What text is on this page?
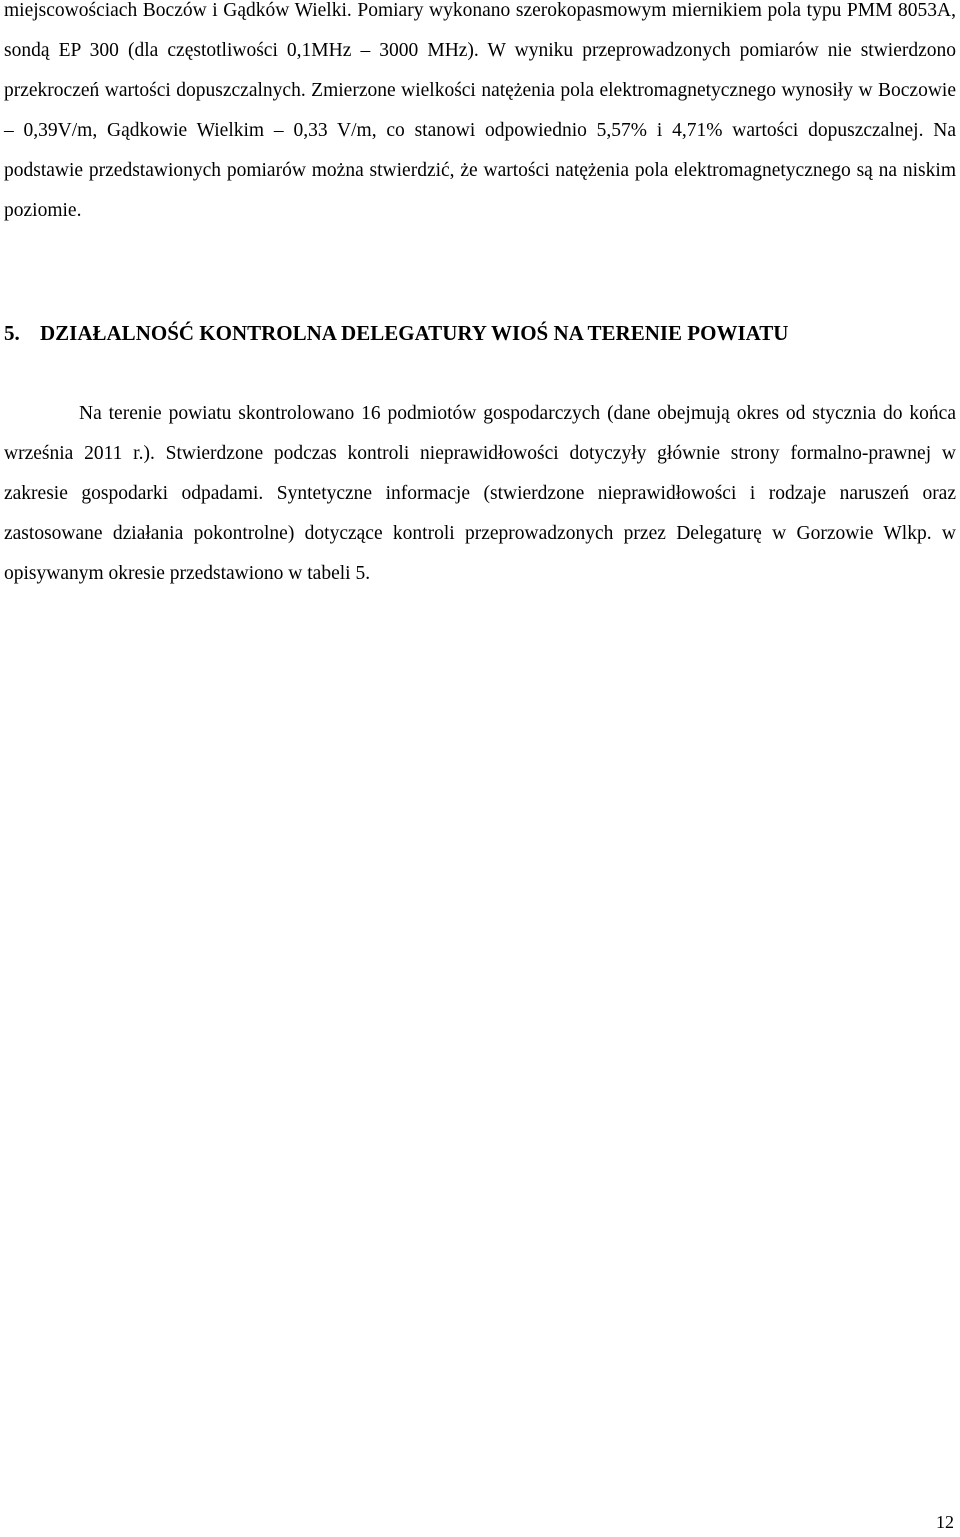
miejscowościach Boczów i Gądków Wielki. Pomiary wykonano szerokopasmowym miernikiem pola typu PMM 8053A, sondą EP 300 (dla częstotliwości 0,1MHz – 3000 MHz). W wyniku przeprowadzonych pomiarów nie stwierdzono przekroczeń wartości dopuszczalnych. Zmierzone wielkości natężenia pola elektromagnetycznego wynosiły w Boczowie – 0,39V/m, Gądkowie Wielkim – 0,33 V/m, co stanowi odpowiednio 5,57% i 4,71% wartości dopuszczalnej. Na podstawie przedstawionych pomiarów można stwierdzić, że wartości natężenia pola elektromagnetycznego są na niskim poziomie.

5. DZIAŁALNOŚĆ KONTROLNA DELEGATURY WIOŚ NA TERENIE POWIATU

Na terenie powiatu skontrolowano 16 podmiotów gospodarczych (dane obejmują okres od stycznia do końca września 2011 r.). Stwierdzone podczas kontroli nieprawidłowości dotyczyły głównie strony formalno-prawnej w zakresie gospodarki odpadami. Syntetyczne informacje (stwierdzone nieprawidłowości i rodzaje naruszeń oraz zastosowane działania pokontrolne) dotyczące kontroli przeprowadzonych przez Delegaturę w Gorzowie Wlkp. w opisywanym okresie przedstawiono w tabeli 5.

12
